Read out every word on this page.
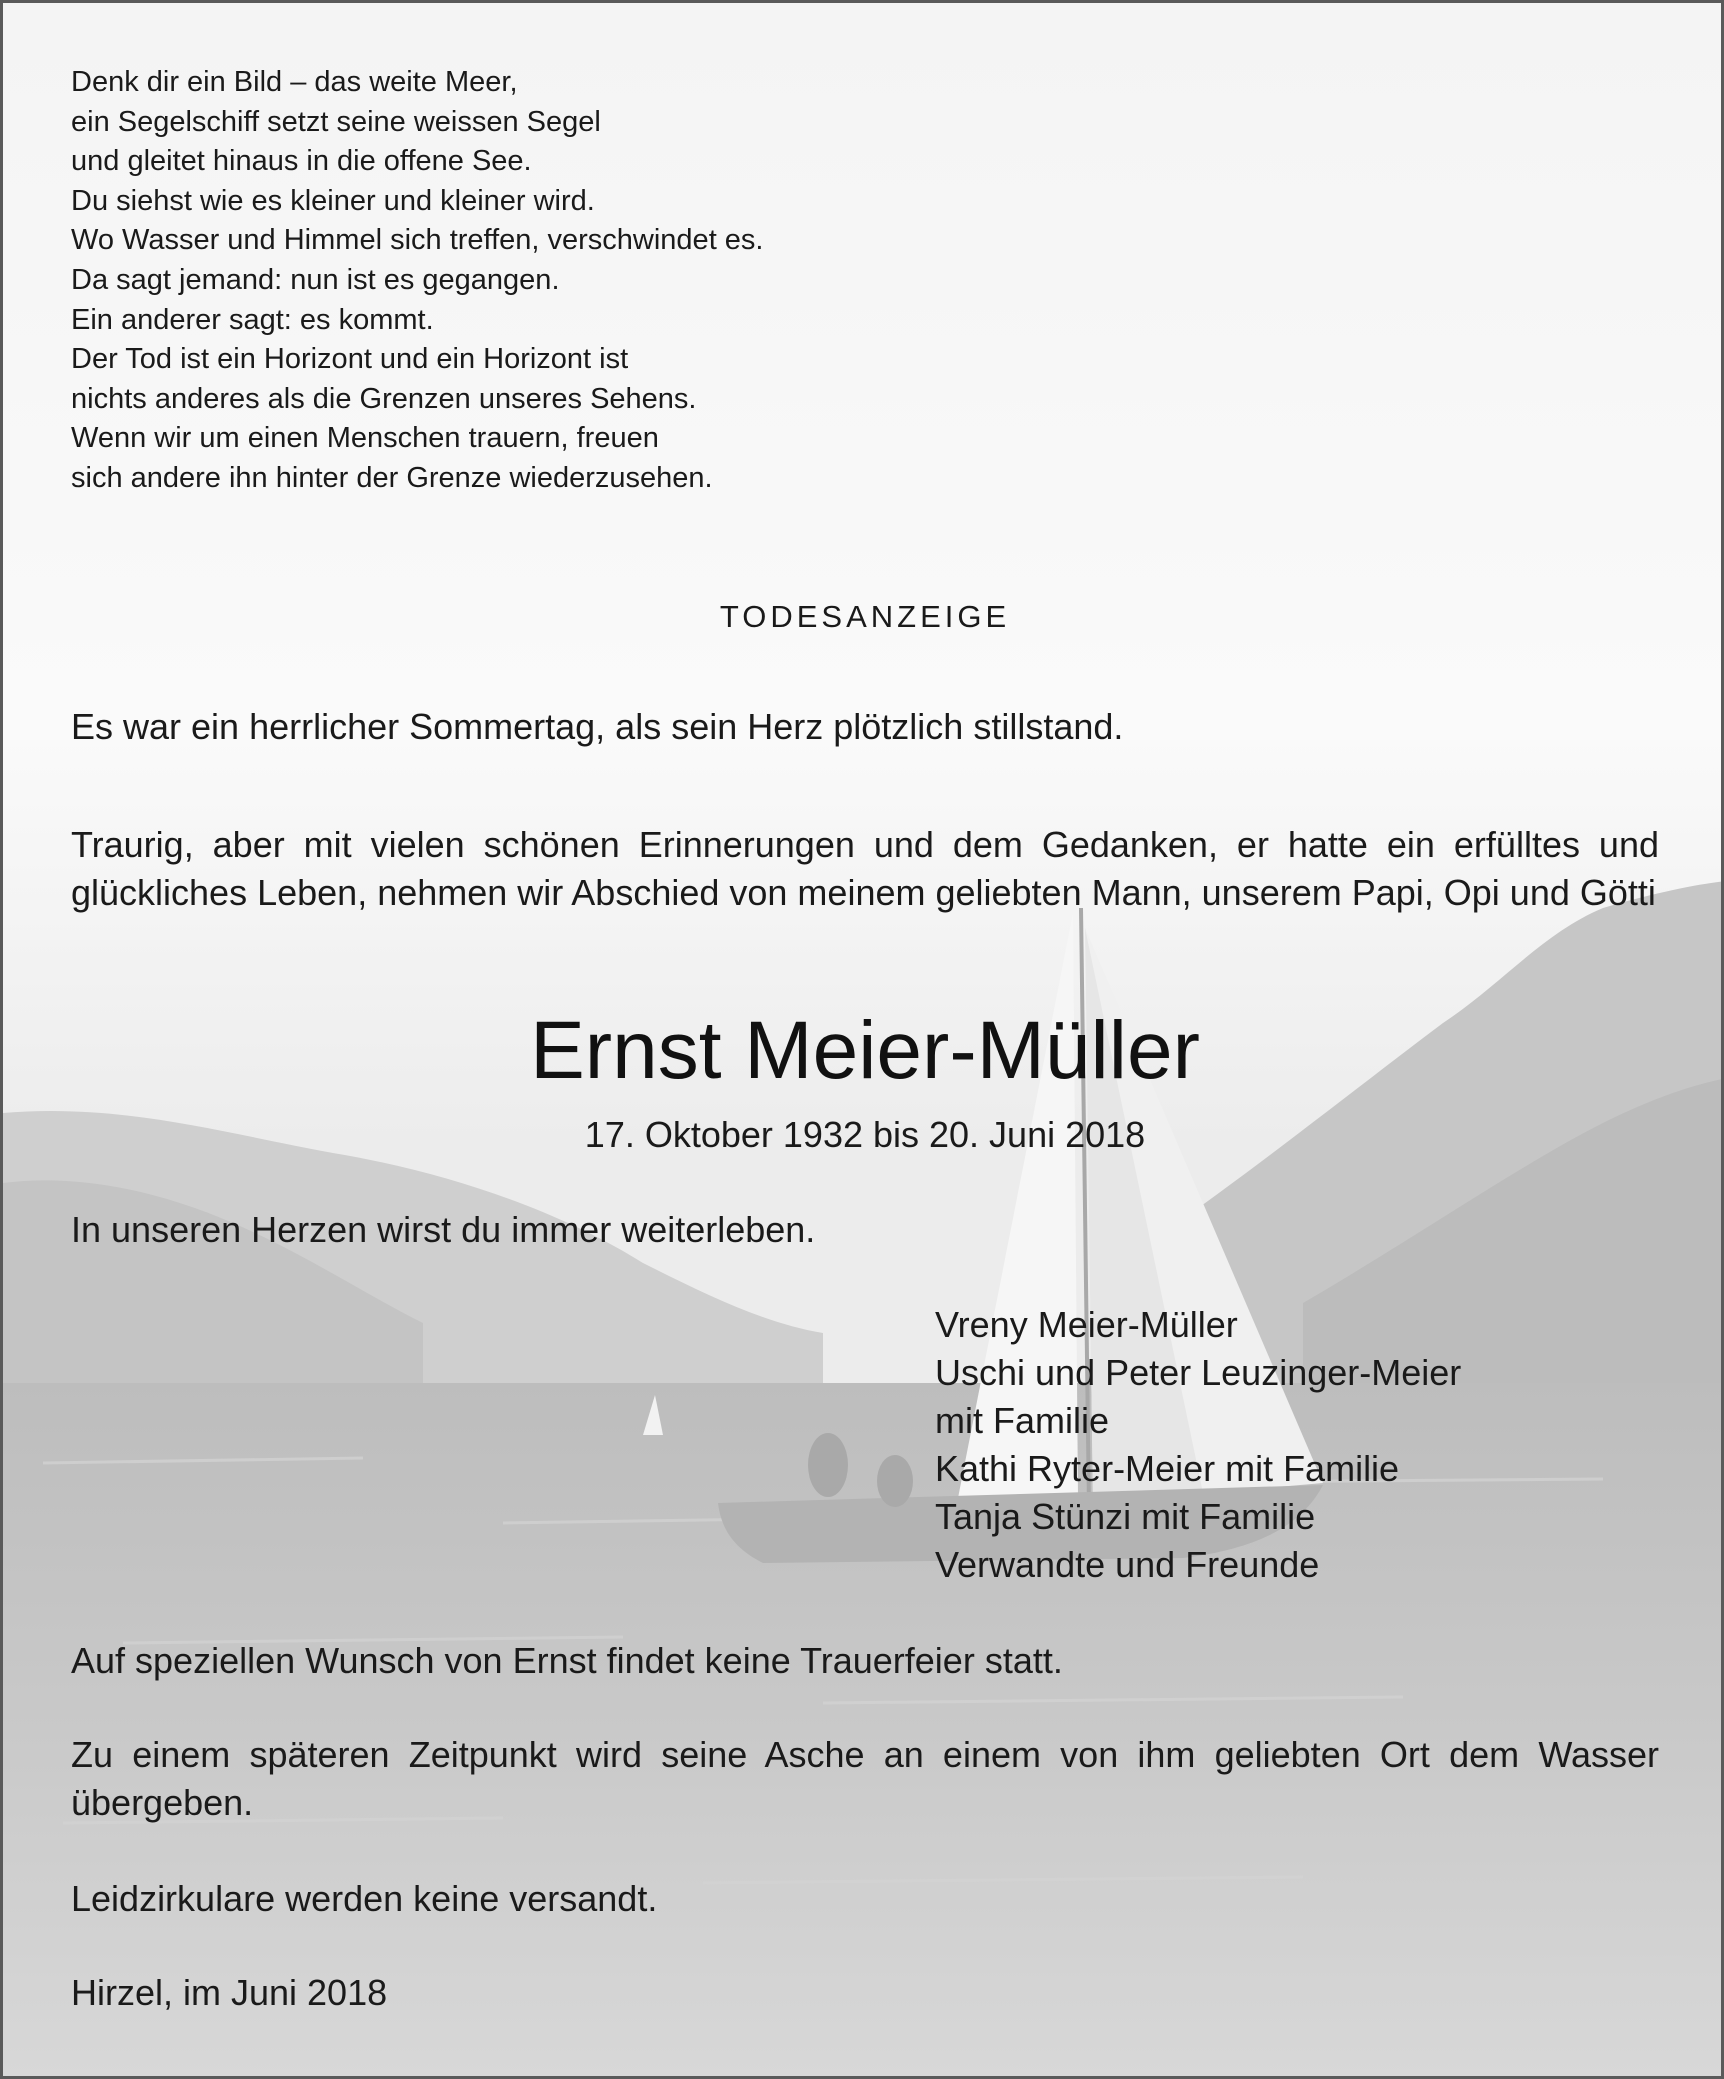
Denk dir ein Bild – das weite Meer,
ein Segelschiff setzt seine weissen Segel
und gleitet hinaus in die offene See.
Du siehst wie es kleiner und kleiner wird.
Wo Wasser und Himmel sich treffen, verschwindet es.
Da sagt jemand: nun ist es gegangen.
Ein anderer sagt: es kommt.
Der Tod ist ein Horizont und ein Horizont ist
nichts anderes als die Grenzen unseres Sehens.
Wenn wir um einen Menschen trauern, freuen
sich andere ihn hinter der Grenze wiederzusehen.
TODESANZEIGE
Es war ein herrlicher Sommertag, als sein Herz plötzlich stillstand.
Traurig, aber mit vielen schönen Erinnerungen und dem Gedanken, er hatte ein erfülltes und glückliches Leben, nehmen wir Abschied von meinem geliebten Mann, unserem Papi, Opi und Götti
Ernst Meier-Müller
17. Oktober 1932 bis 20. Juni 2018
In unseren Herzen wirst du immer weiterleben.
Vreny Meier-Müller
Uschi und Peter Leuzinger-Meier
mit Familie
Kathi Ryter-Meier mit Familie
Tanja Stünzi mit Familie
Verwandte und Freunde
Auf speziellen Wunsch von Ernst findet keine Trauerfeier statt.
Zu einem späteren Zeitpunkt wird seine Asche an einem von ihm geliebten Ort dem Wasser übergeben.
Leidzirkulare werden keine versandt.
Hirzel, im Juni 2018
